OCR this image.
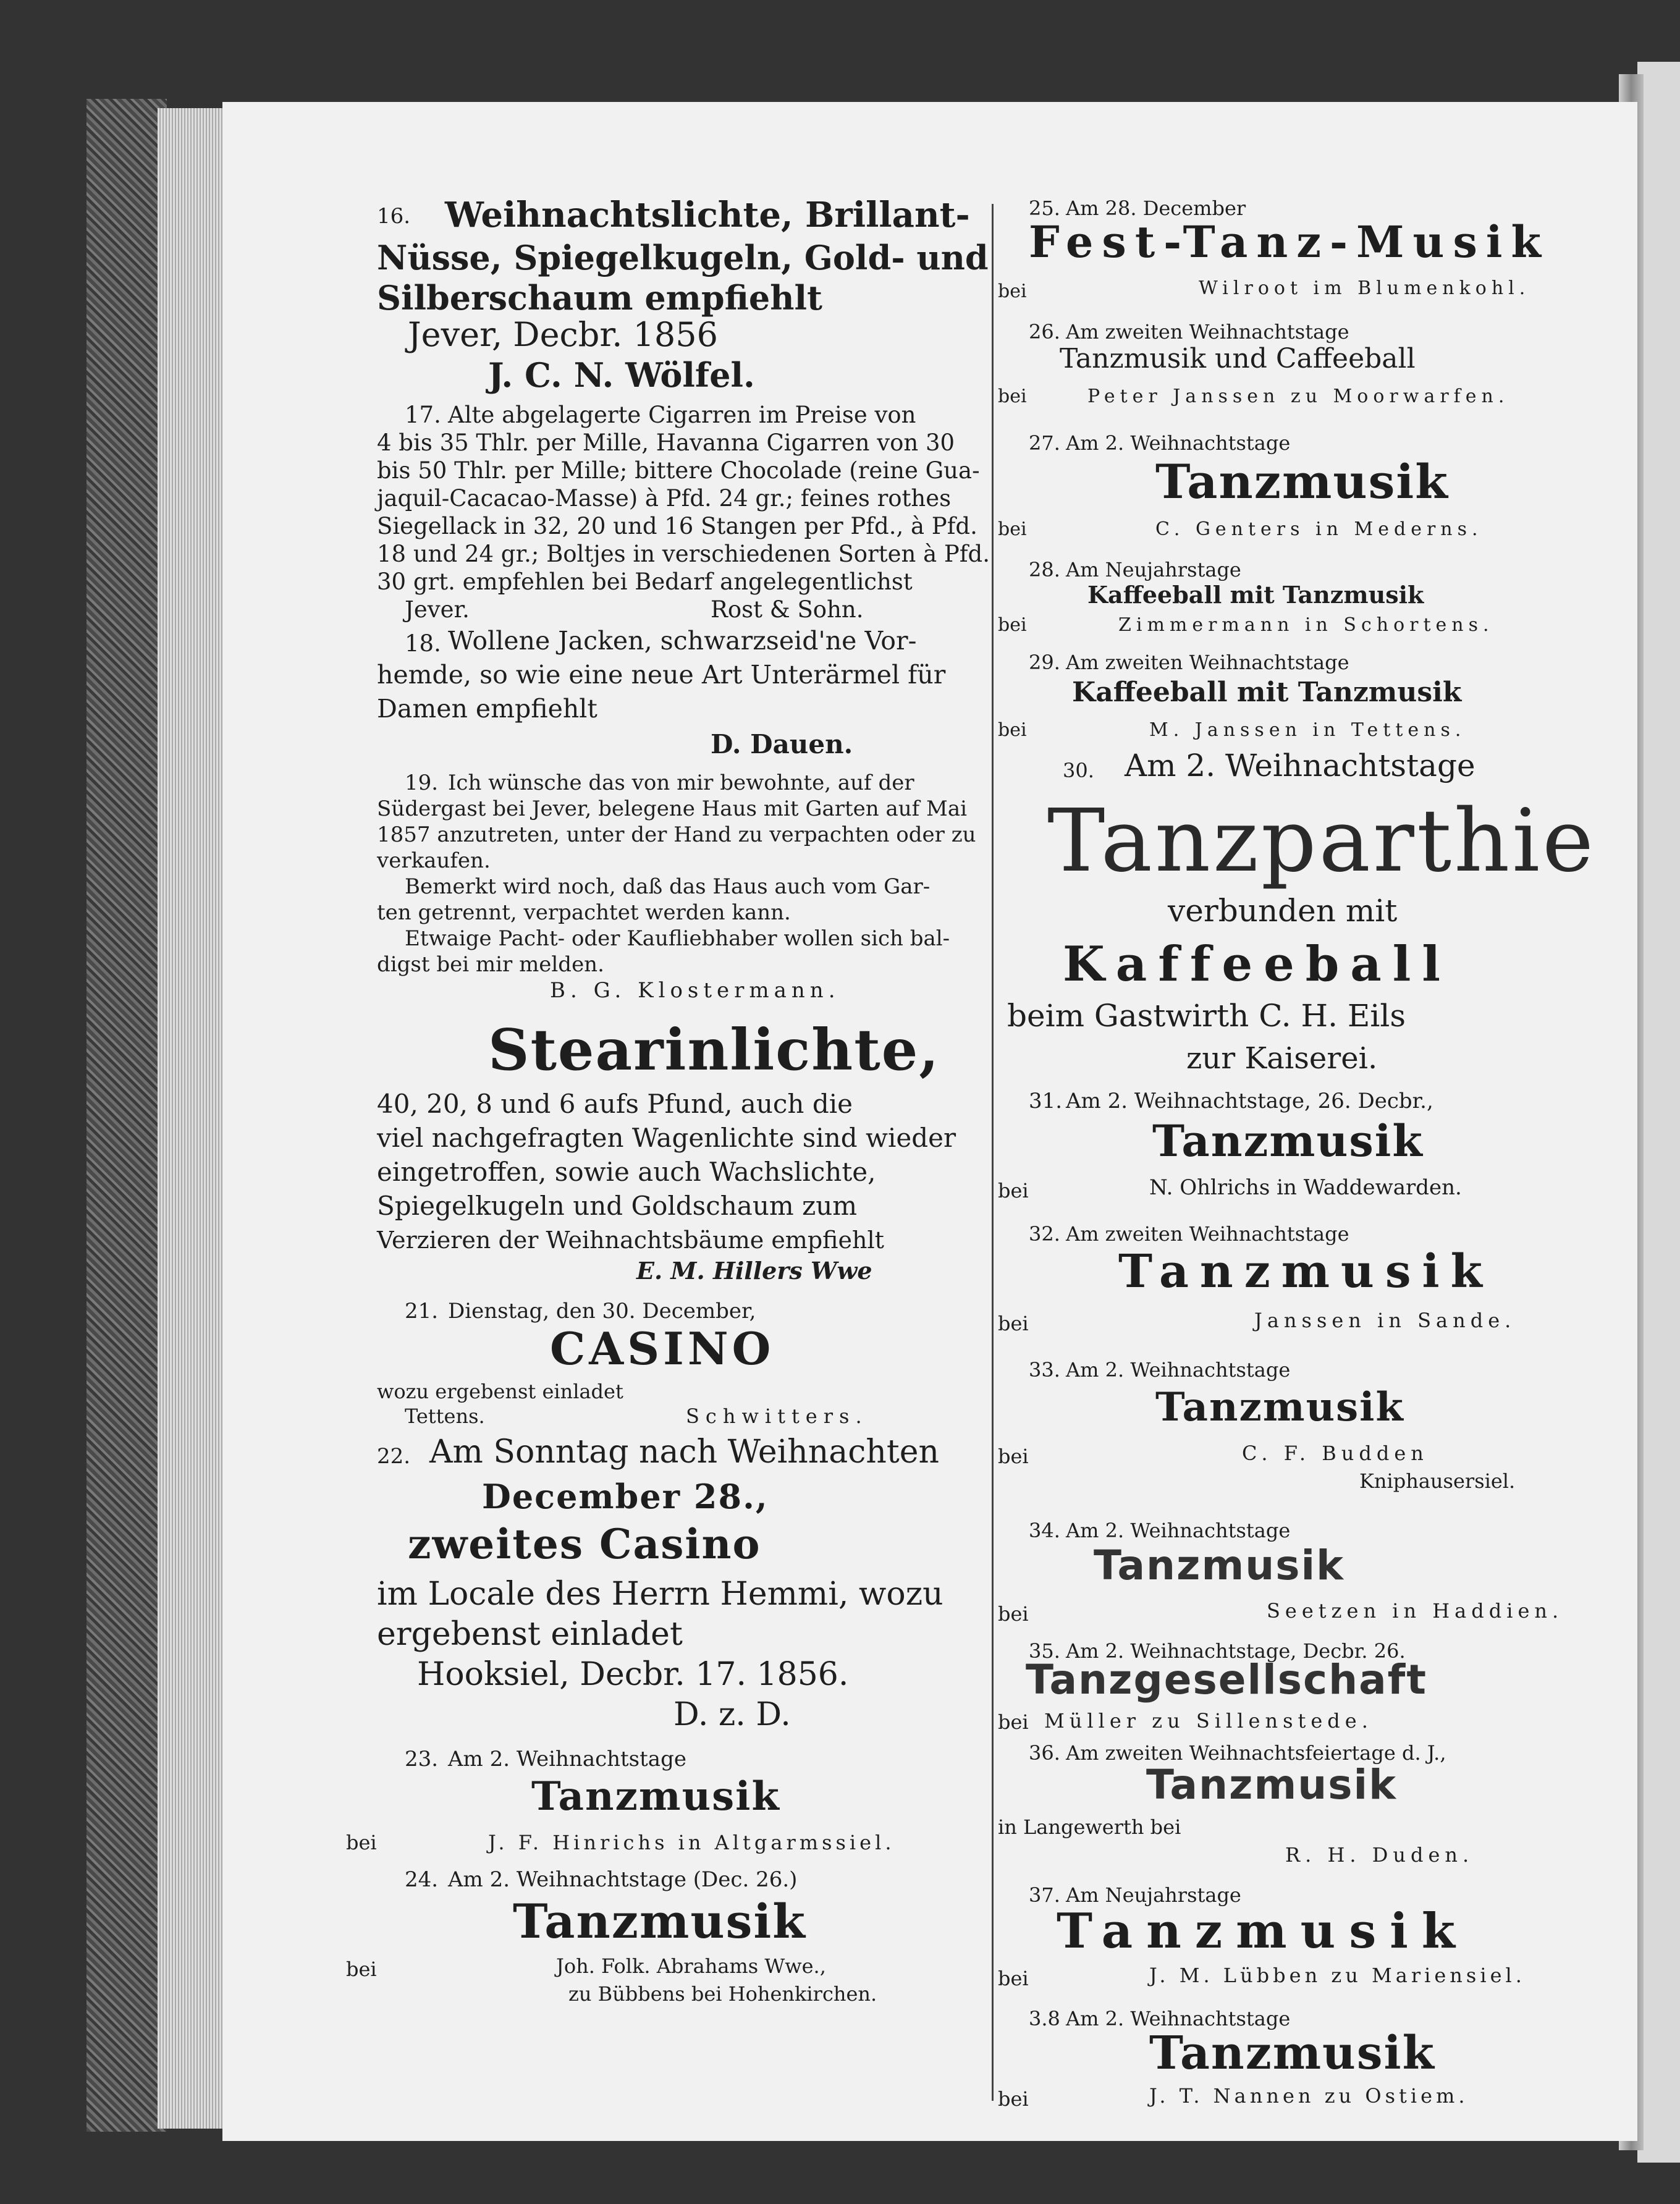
16. Weihnachtslichte, Brillant-
Nüsse, Spiegelkugeln, Gold- und
Silberschaum empfiehlt
Jever, Decbr. 1856
J. C. N. Wölfel.
17. Alte abgelagerte Cigarren im Preise von
4 bis 35 Thlr. per Mille, Havanna Cigarren von 30
bis 50 Thlr. per Mille; bittere Chocolade (reine Gua-
jaquil-Cacacao-Masse) à Pfd. 24 gr.; feines rothes
Siegellack in 32, 20 und 16 Stangen per Pfd., à Pfd.
18 und 24 gr.; Boltjes in verschiedenen Sorten à Pfd.
30 grt. empfehlen bei Bedarf angelegentlichst
Jever.	Rost & Sohn.
18. Wollene Jacken, schwarzseid'ne Vor-
hemde, so wie eine neue Art Unterärmel für
Damen empfiehlt
D. Dauen.
19. Ich wünsche das von mir bewohnte, auf der
Südergast bei Jever, belegene Haus mit Garten auf Mai
1857 anzutreten, unter der Hand zu verpachten oder zu
verkaufen.
Bemerkt wird noch, daß das Haus auch vom Gar-
ten getrennt, verpachtet werden kann.
Etwaige Pacht- oder Kaufliebhaber wollen sich bal-
digst bei mir melden.
B. G. Klostermann.
Stearinlichte,
40, 20, 8 und 6 aufs Pfund, auch die
viel nachgefragten Wagenlichte sind wieder
eingetroffen, sowie auch Wachslichte,
Spiegelkugeln und Goldschaum zum
Verzieren der Weihnachtsbäume empfiehlt
E. M. Hillers Wwe
21. Dienstag, den 30. December,
CASINO
wozu ergebenst einladet
Tettens.	Schwitters.
22. Am Sonntag nach Weihnachten
December 28.,
zweites Casino
im Locale des Herrn Hemmi, wozu
ergebenst einladet
Hooksiel, Decbr. 17. 1856.
D. z. D.
23. Am 2. Weihnachtstage
Tanzmusik
bei	J. F. Hinrichs in Altgarmssiel.
24. Am 2. Weihnachtstage (Dec. 26.)
Tanzmusik
bei	Joh. Folk. Abrahams Wwe.,
zu Bübbens bei Hohenkirchen.
25. Am 28. December
Fest-Tanz-Musik
bei	Wilroot im Blumenkohl.
26. Am zweiten Weihnachtstage
Tanzmusik und Caffeeball
bei	Peter Janssen zu Moorwarfen.
27. Am 2. Weihnachtstage
Tanzmusik
bei	C. Genters in Mederns.
28. Am Neujahrstage
Kaffeeball mit Tanzmusik
bei	Zimmermann in Schortens.
29. Am zweiten Weihnachtstage
Kaffeeball mit Tanzmusik
bei	M. Janssen in Tettens.
30. Am 2. Weihnachtstage
Tanzparthie
verbunden mit
Kaffeeball
beim Gastwirth C. H. Eils
zur Kaiserei.
31. Am 2. Weihnachtstage, 26. Decbr.,
Tanzmusik
bei	N. Ohlrichs in Waddewarden.
32. Am zweiten Weihnachtstage
Tanzmusik
bei	Janssen in Sande.
33. Am 2. Weihnachtstage
Tanzmusik
bei	C. F. Budden
Kniphausersiel.
34. Am 2. Weihnachtstage
Tanzmusik
bei	Seetzen in Haddien.
35. Am 2. Weihnachtstage, Decbr. 26.
Tanzgesellschaft
bei Müller zu Sillenstede.
36. Am zweiten Weihnachtsfeiertage d. J.,
Tanzmusik
in Langewerth bei
R. H. Duden.
37. Am Neujahrstage
Tanzmusik
bei	J. M. Lübben zu Mariensiel.
3.8 Am 2. Weihnachtstage
Tanzmusik
bei	J. T. Nannen zu Ostiem.
